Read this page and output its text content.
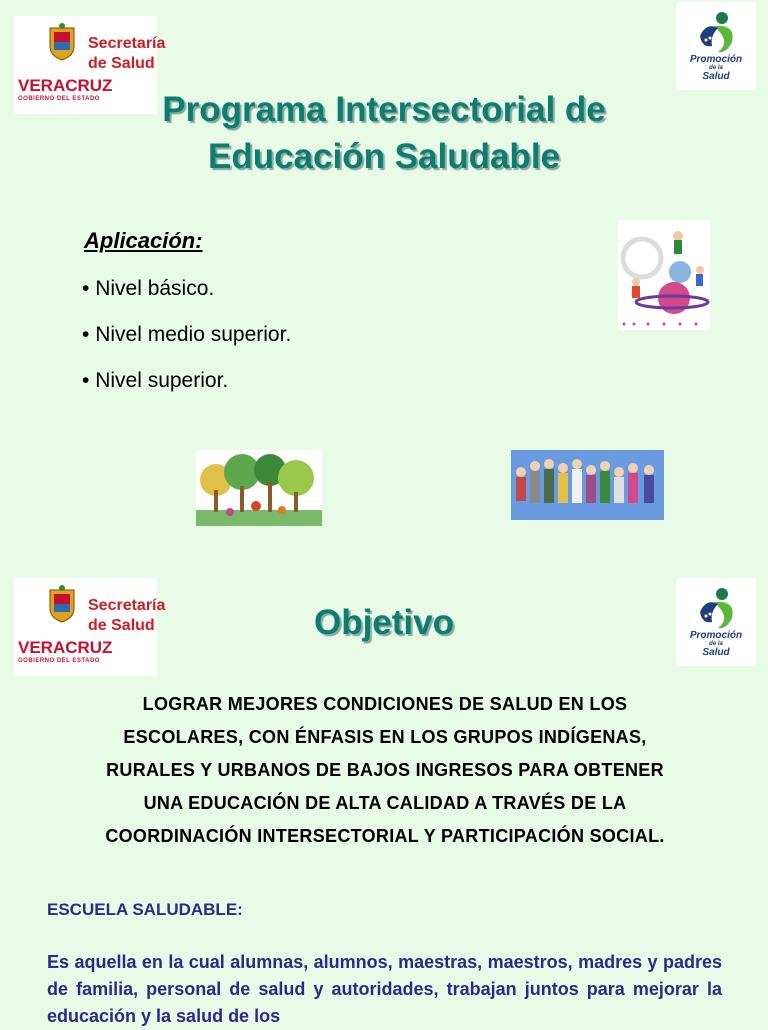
Secretaría
de Salud
VERACRUZ
GOBIERNO DEL ESTADO
Promoción
de la
Salud
Programa Intersectorial de
Educación Saludable
Aplicación:
• Nivel básico.
• Nivel medio superior.
• Nivel superior.
Secretaría
de Salud
VERACRUZ
GOBIERNO DEL ESTADO
Promoción
de la
Salud
Objetivo
LOGRAR MEJORES CONDICIONES DE SALUD EN LOS
ESCOLARES, CON ÉNFASIS EN LOS GRUPOS INDÍGENAS,
RURALES Y URBANOS DE BAJOS INGRESOS PARA OBTENER
UNA EDUCACIÓN DE ALTA CALIDAD A TRAVÉS DE LA
COORDINACIÓN INTERSECTORIAL Y PARTICIPACIÓN SOCIAL.
ESCUELA SALUDABLE:
Es aquella en la cual alumnas, alumnos, maestras, maestros, madres y padres de familia, personal de salud y autoridades, trabajan juntos para mejorar la educación y la salud de los
